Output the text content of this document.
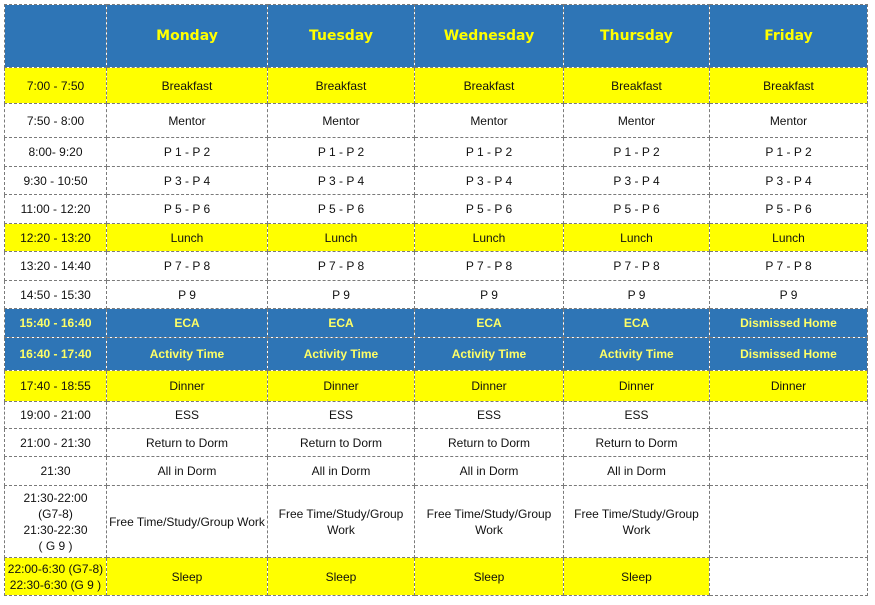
	Monday	Tuesday	Wednesday	Thursday	Friday
7:00 - 7:50	Breakfast	Breakfast	Breakfast	Breakfast	Breakfast
7:50 - 8:00	Mentor	Mentor	Mentor	Mentor	Mentor
8:00- 9:20	P 1 - P 2	P 1 - P 2	P 1 - P 2	P 1 - P 2	P 1 - P 2
9:30 - 10:50	P 3 - P 4	P 3 - P 4	P 3 - P 4	P 3 - P 4	P 3 - P 4
11:00 - 12:20	P 5 - P 6	P 5 - P 6	P 5 - P 6	P 5 - P 6	P 5 - P 6
12:20 - 13:20	Lunch	Lunch	Lunch	Lunch	Lunch
13:20 - 14:40	P 7 - P 8	P 7 - P 8	P 7 - P 8	P 7 - P 8	P 7 - P 8
14:50 - 15:30	P 9	P 9	P 9	P 9	P 9
15:40 - 16:40	ECA	ECA	ECA	ECA	Dismissed Home
16:40 - 17:40	Activity Time	Activity Time	Activity Time	Activity Time	Dismissed Home
17:40 - 18:55	Dinner	Dinner	Dinner	Dinner	Dinner
19:00 - 21:00	ESS	ESS	ESS	ESS	
21:00 - 21:30	Return to Dorm	Return to Dorm	Return to Dorm	Return to Dorm	
21:30	All in Dorm	All in Dorm	All in Dorm	All in Dorm	

21:30-22:00
(G7-8)
21:30-22:30
( G 9 )	Free Time/Study/Group Work	Free Time/Study/Group Work	Free Time/Study/Group Work	Free Time/Study/Group Work	

22:00-6:30 (G7-8)
22:30-6:30 (G 9 )	Sleep	Sleep	Sleep	Sleep	
